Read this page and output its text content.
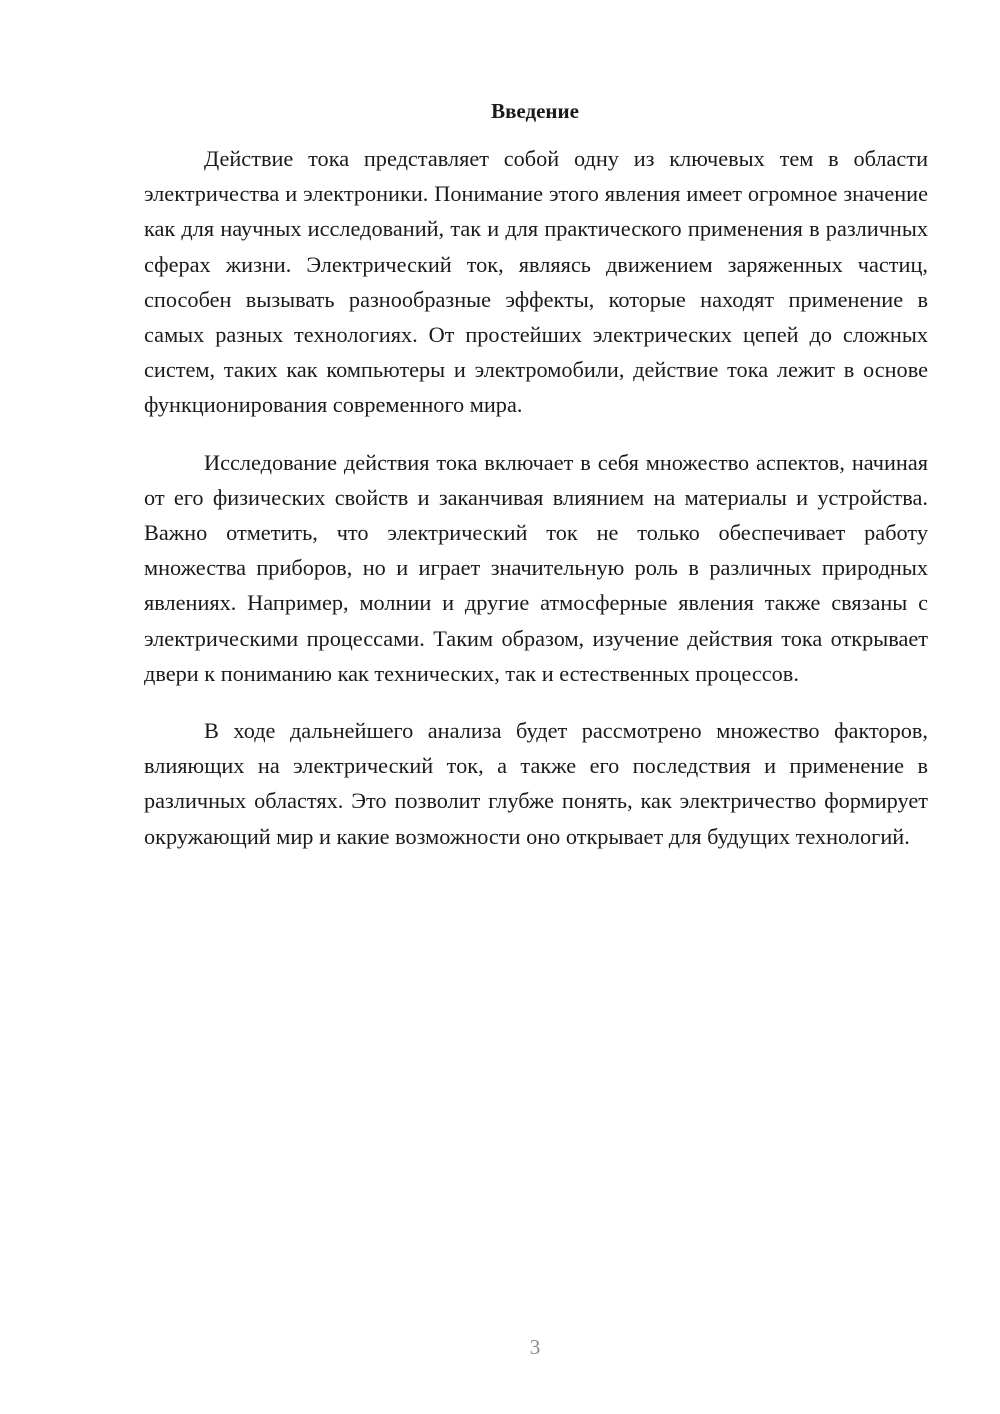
Введение

Действие тока представляет собой одну из ключевых тем в области электричества и электроники. Понимание этого явления имеет огромное значение как для научных исследований, так и для практического применения в различных сферах жизни. Электрический ток, являясь движением заряженных частиц, способен вызывать разнообразные эффекты, которые находят применение в самых разных технологиях. От простейших электрических цепей до сложных систем, таких как компьютеры и электромобили, действие тока лежит в основе функционирования современного мира.

Исследование действия тока включает в себя множество аспектов, начиная от его физических свойств и заканчивая влиянием на материалы и устройства. Важно отметить, что электрический ток не только обеспечивает работу множества приборов, но и играет значительную роль в различных природных явлениях. Например, молнии и другие атмосферные явления также связаны с электрическими процессами. Таким образом, изучение действия тока открывает двери к пониманию как технических, так и естественных процессов.

В ходе дальнейшего анализа будет рассмотрено множество факторов, влияющих на электрический ток, а также его последствия и применение в различных областях. Это позволит глубже понять, как электричество формирует окружающий мир и какие возможности оно открывает для будущих технологий.

3
